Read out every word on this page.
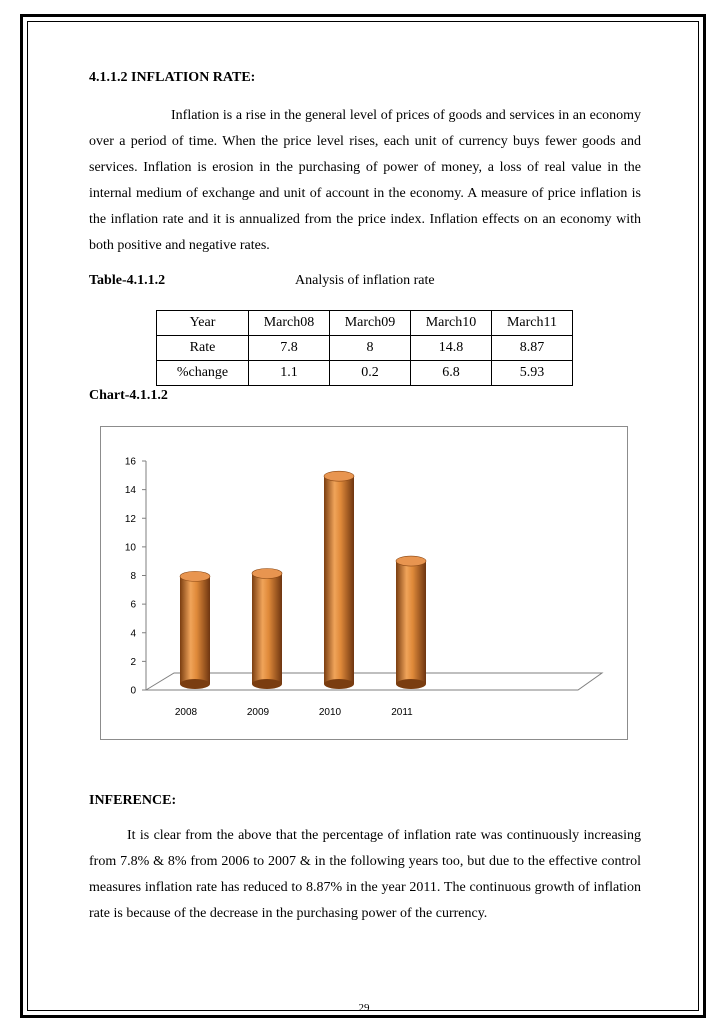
4.1.1.2 INFLATION RATE:

Inflation is a rise in the general level of prices of goods and services in an economy over a period of time. When the price level rises, each unit of currency buys fewer goods and services. Inflation is erosion in the purchasing of power of money, a loss of real value in the internal medium of exchange and unit of account in the economy. A measure of price inflation is the inflation rate and it is annualized from the price index. Inflation effects on an economy with both positive and negative rates.

Table-4.1.1.2	Analysis of inflation rate
Year	March08	March09	March10	March11
Rate	7.8	8	14.8	8.87
%change	1.1	0.2	6.8	5.93
Chart-4.1.1.2
0
2
4
6
8
10
12
14
16
2008	2009	2010	2011
INFERENCE:

It is clear from the above that the percentage of inflation rate was continuously increasing from 7.8% & 8% from 2006 to 2007 & in the following years too, but due to the effective control measures inflation rate has reduced to 8.87% in the year 2011. The continuous growth of inflation rate is because of the decrease in the purchasing power of the currency.

29
